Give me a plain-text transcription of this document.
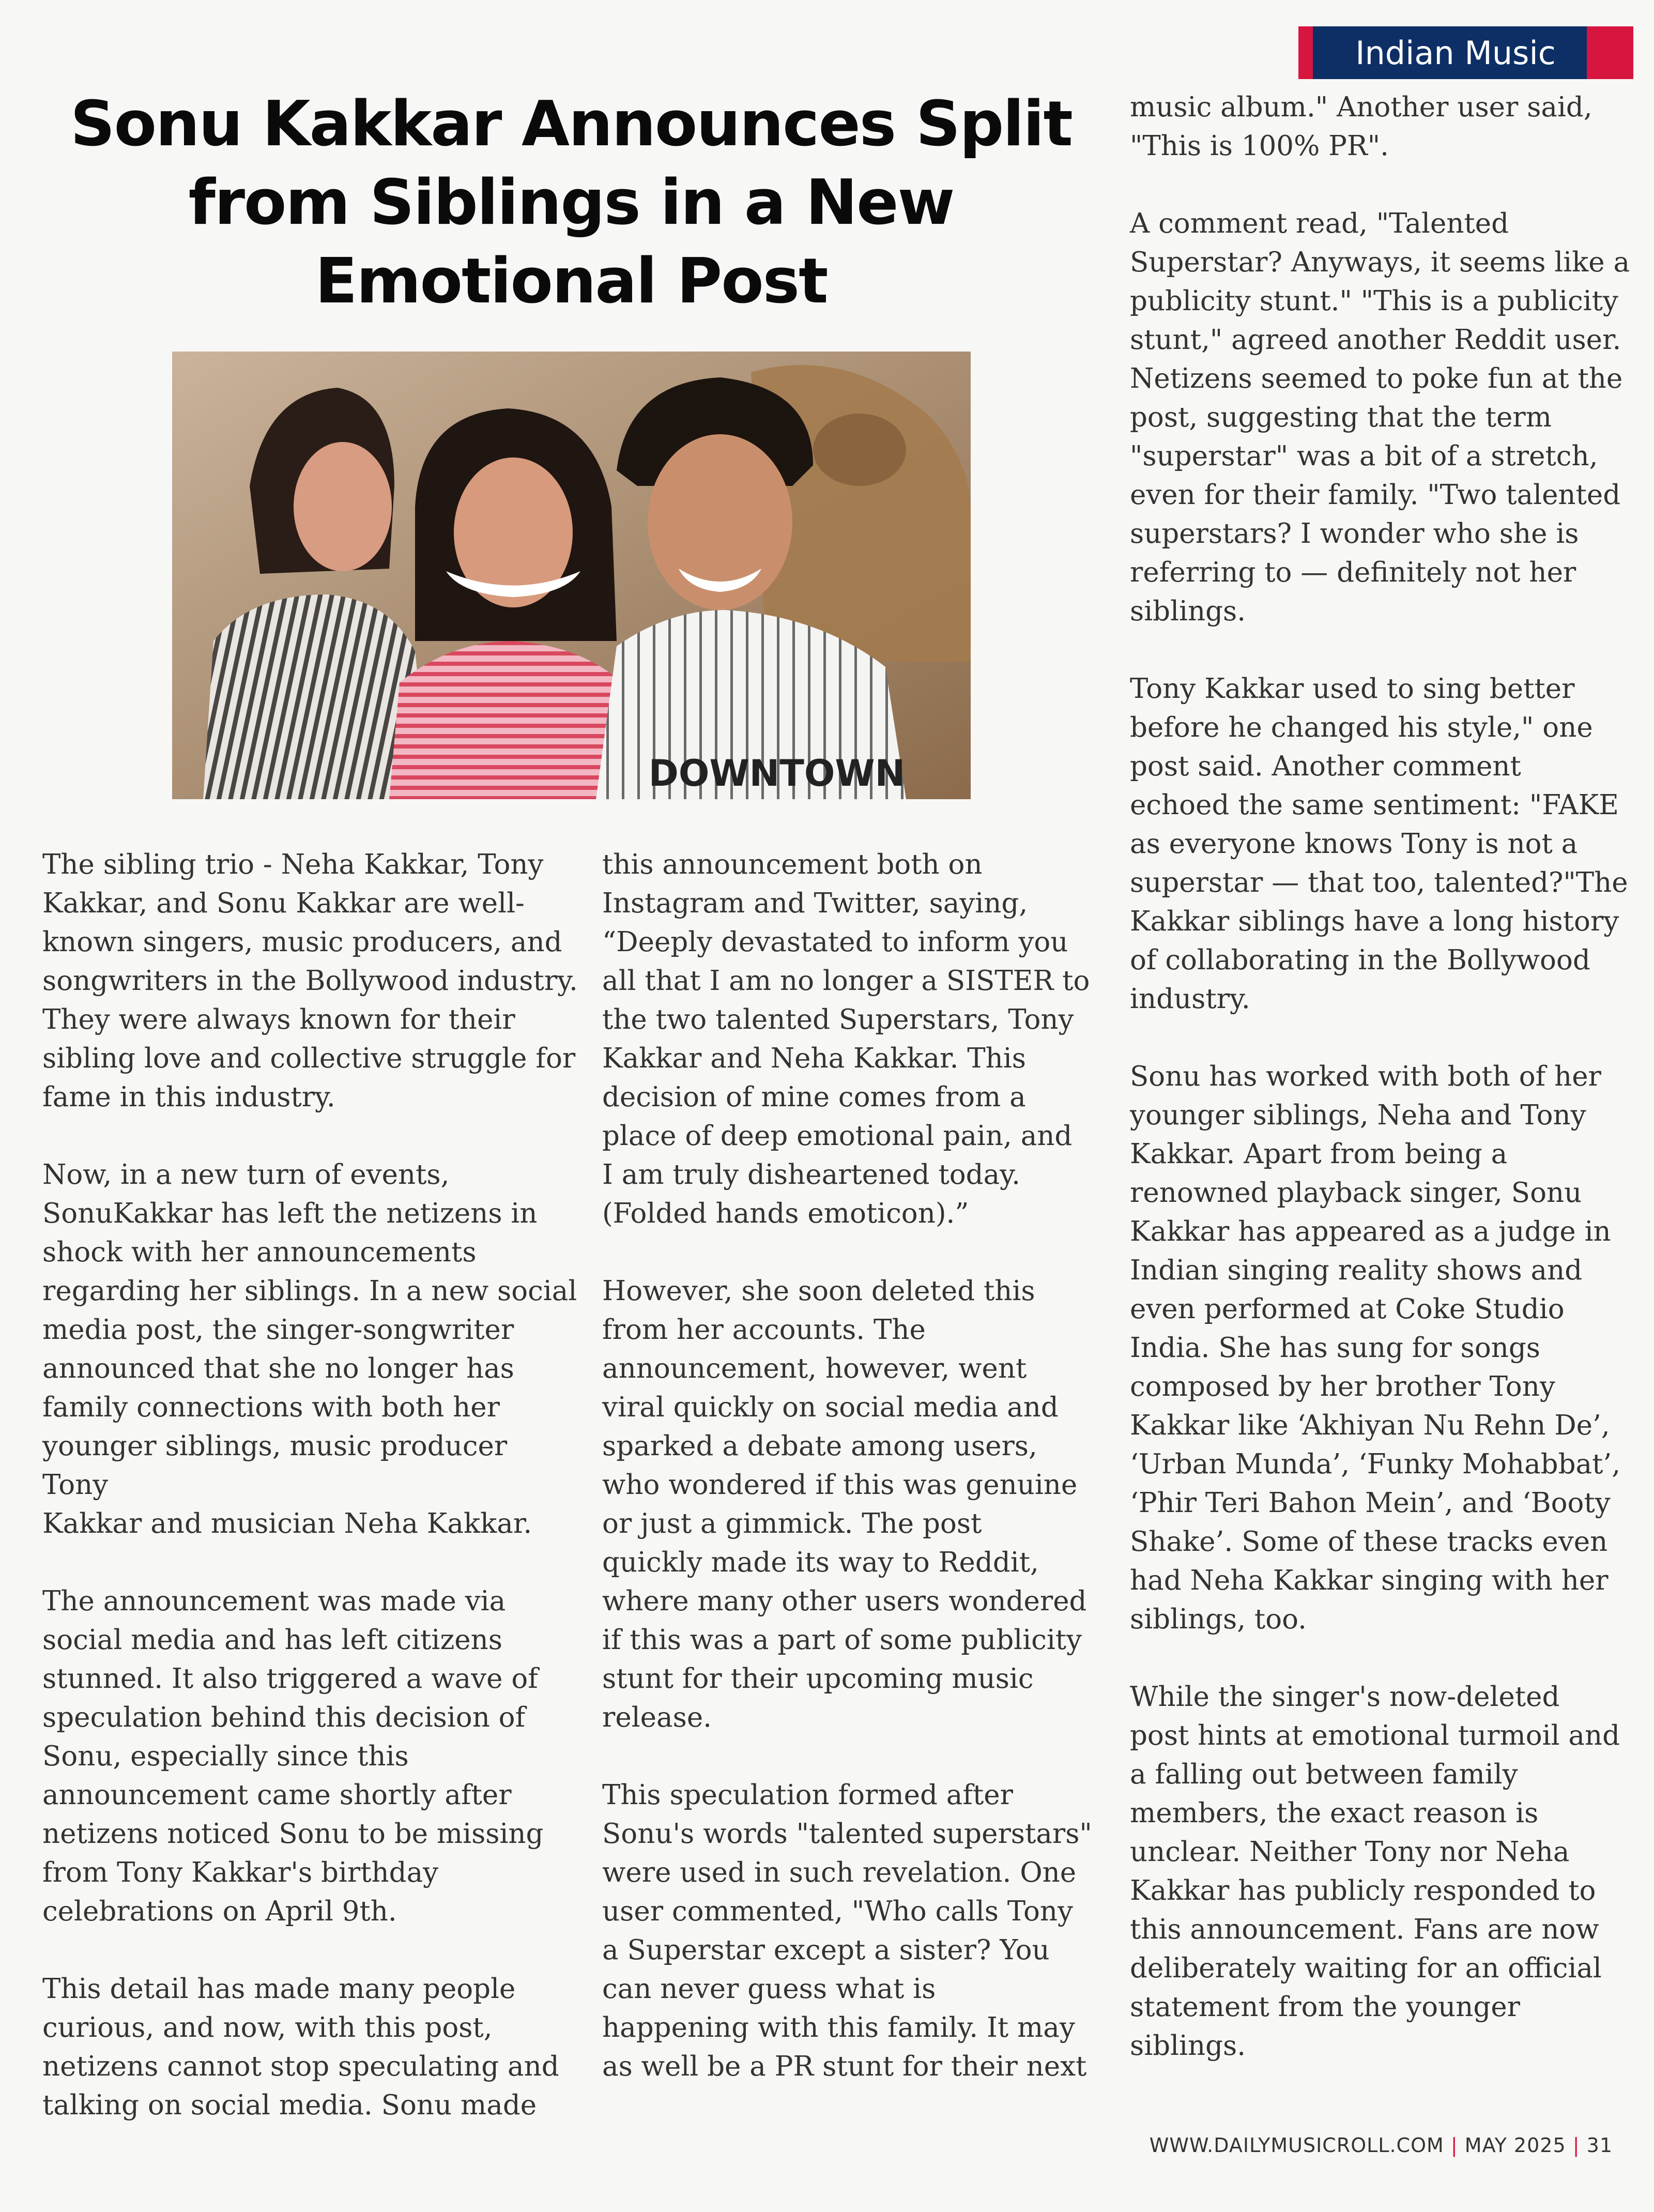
Indian Music
Sonu Kakkar Announces Split from Siblings in a New Emotional Post
DOWNTOWN

The sibling trio - Neha Kakkar, Tony
Kakkar, and Sonu Kakkar are well-
known singers, music producers, and
songwriters in the Bollywood industry.
They were always known for their
sibling love and collective struggle for
fame in this industry.

Now, in a new turn of events,
SonuKakkar has left the netizens in
shock with her announcements
regarding her siblings. In a new social
media post, the singer-songwriter
announced that she no longer has
family connections with both her
younger siblings, music producer Tony
Kakkar and musician Neha Kakkar.

The announcement was made via
social media and has left citizens
stunned. It also triggered a wave of
speculation behind this decision of
Sonu, especially since this
announcement came shortly after
netizens noticed Sonu to be missing
from Tony Kakkar's birthday
celebrations on April 9th.

This detail has made many people
curious, and now, with this post,
netizens cannot stop speculating and
talking on social media. Sonu made

this announcement both on
Instagram and Twitter, saying,
“Deeply devastated to inform you
all that I am no longer a SISTER to
the two talented Superstars, Tony
Kakkar and Neha Kakkar. This
decision of mine comes from a
place of deep emotional pain, and
I am truly disheartened today.
(Folded hands emoticon).”

However, she soon deleted this
from her accounts. The
announcement, however, went
viral quickly on social media and
sparked a debate among users,
who wondered if this was genuine
or just a gimmick. The post
quickly made its way to Reddit,
where many other users wondered
if this was a part of some publicity
stunt for their upcoming music
release.

This speculation formed after
Sonu's words "talented superstars"
were used in such revelation. One
user commented, "Who calls Tony
a Superstar except a sister? You
can never guess what is
happening with this family. It may
as well be a PR stunt for their next

music album." Another user said,
"This is 100% PR".

A comment read, "Talented
Superstar? Anyways, it seems like a
publicity stunt." "This is a publicity
stunt," agreed another Reddit user.
Netizens seemed to poke fun at the
post, suggesting that the term
"superstar" was a bit of a stretch,
even for their family. "Two talented
superstars? I wonder who she is
referring to — definitely not her
siblings.

Tony Kakkar used to sing better
before he changed his style," one
post said. Another comment
echoed the same sentiment: "FAKE
as everyone knows Tony is not a
superstar — that too, talented?"The
Kakkar siblings have a long history
of collaborating in the Bollywood
industry.

Sonu has worked with both of her
younger siblings, Neha and Tony
Kakkar. Apart from being a
renowned playback singer, Sonu
Kakkar has appeared as a judge in
Indian singing reality shows and
even performed at Coke Studio
India. She has sung for songs
composed by her brother Tony
Kakkar like ‘Akhiyan Nu Rehn De’,
‘Urban Munda’, ‘Funky Mohabbat’,
‘Phir Teri Bahon Mein’, and ‘Booty
Shake’. Some of these tracks even
had Neha Kakkar singing with her
siblings, too.

While the singer's now-deleted
post hints at emotional turmoil and
a falling out between family
members, the exact reason is
unclear. Neither Tony nor Neha
Kakkar has publicly responded to
this announcement. Fans are now
deliberately waiting for an official
statement from the younger
siblings.

WWW.DAILYMUSICROLL.COM | MAY 2025 | 31
